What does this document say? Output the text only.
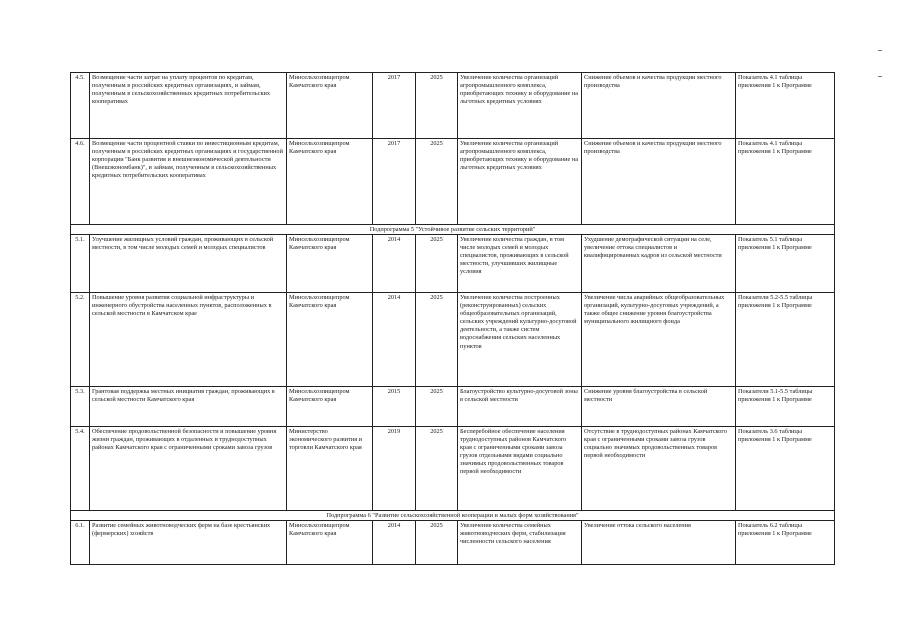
4.5.	Возмещение части затрат на уплату процентов по кредитам, полученным в российских кредитных организациях, и займам, полученным в сельскохозяйственных кредитных потребительских кооперативах	Минсельхозпищепром Камчатского края	2017	2025	Увеличение количества организаций агропромышленного комплекса, приобретающих технику и оборудование на льготных кредитных условиях	Снижение объемов и качества продукции местного производства	Показатель 4.1 таблицы приложения 1 к Программе
4.6.	Возмещение части процентной ставки по инвестиционным кредитам, полученным в российских кредитных организациях и государственной корпорации "Банк развития и внешнеэкономической деятельности (Внешэкономбанк)", и займам, полученным в сельскохозяйственных кредитных потребительских кооперативах	Минсельхозпищепром Камчатского края	2017	2025	Увеличение количества организаций агропромышленного комплекса, приобретающих технику и оборудование на льготных кредитных условиях	Снижение объемов и качества продукции местного производства	Показатель 4.1 таблицы приложения 1 к Программе
Подпрограмма 5 "Устойчивое развитие сельских территорий"							
5.1.	Улучшение жилищных условий граждан, проживающих в сельской местности, в том числе молодых семей и молодых специалистов	Минсельхозпищепром Камчатского края	2014	2025	Увеличение количества граждан, в том числе молодых семей и молодых специалистов, проживающих в сельской местности, улучшивших жилищные условия	Ухудшение демографической ситуации на селе, увеличение оттока специалистов и квалифицированных кадров из сельской местности	Показатель 5.1 таблицы приложения 1 к Программе
5.2.	Повышение уровня развития социальной инфраструктуры и инженерного обустройства населенных пунктов, расположенных в сельской местности в Камчатском крае	Минсельхозпищепром Камчатского края	2014	2025	Увеличение количества построенных (реконструированных) сельских общеобразовательных организаций, сельских учреждений культурно-досуговой деятельности, а также систем водоснабжения сельских населенных пунктов	Увеличение числа аварийных общеобразовательных организаций, культурно-досуговых учреждений, а также общее снижение уровня благоустройства муниципального жилищного фонда	Показатели 5.2-5.5 таблицы приложения 1 к Программе
5.3.	Грантовая поддержка местных инициатив граждан, проживающих в сельской местности Камчатского края	Минсельхозпищепром Камчатского края	2015	2025	Благоустройство культурно-досуговой зоны в сельской местности	Снижение уровня благоустройства в сельской местности	Показатели 5.1-5.5 таблицы приложения 1 к Программе
5.4.	Обеспечение продовольственной безопасности и повышение уровня жизни граждан, проживающих в отдаленных и труднодоступных районах Камчатского края с ограниченными сроками завоза грузов	Министерство экономического развития и торговли Камчатского края	2019	2025	Бесперебойное обеспечение населения труднодоступных районов Камчатского края с ограниченными сроками завоза грузов отдельными видами социально значимых продовольственных товаров первой необходимости	Отсутствие в труднодоступных районах Камчатского края с ограниченными сроками завоза грузов социально значимых продовольственных товаров первой необходимости	Показатель 3.6 таблицы приложения 1 к Программе
Подпрограмма 6 "Развитие сельскохозяйственной кооперации и малых форм хозяйствования"							
6.1.	Развитие семейных животноводческих ферм на базе крестьянских (фермерских) хозяйств	Минсельхозпищепром Камчатского края	2014	2025	Увеличение количества семейных животноводческих ферм, стабилизация численности сельского населения	Увеличение оттока сельского населения	Показатель 6.2 таблицы приложения 1 к Программе
